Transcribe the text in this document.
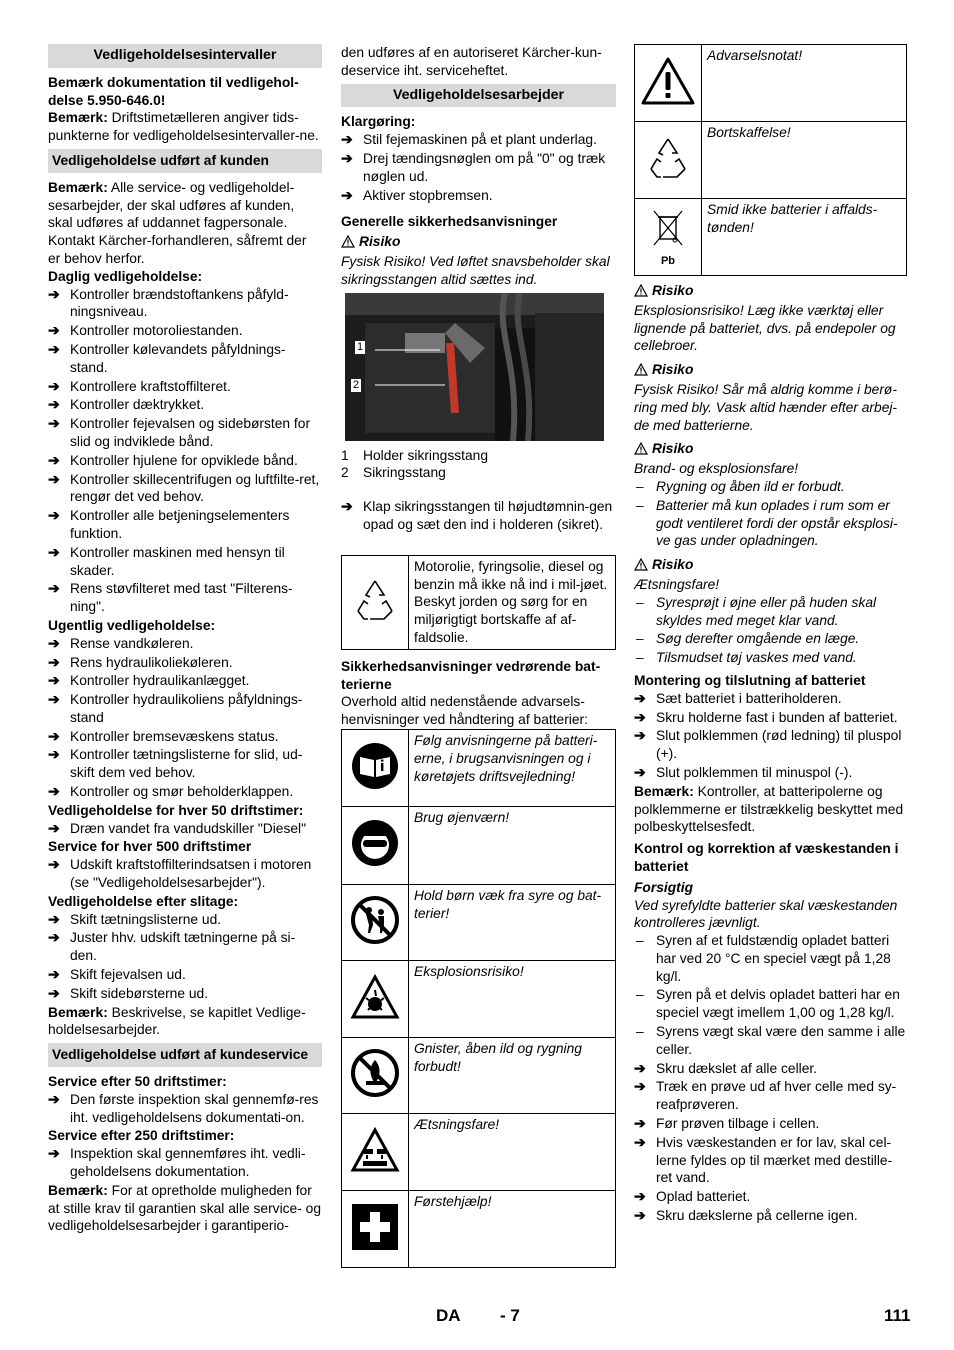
Vedligeholdelsesintervaller

Bemærk dokumentation til vedligehol-delse 5.950-646.0!

Bemærk: Driftstimetælleren angiver tids-punkterne for vedligeholdelsesintervaller-ne.

Vedligeholdelse udført af kunden

Bemærk: Alle service- og vedligeholdel-sesarbejder, der skal udføres af kunden, skal udføres af uddannet fagpersonale. Kontakt Kärcher-forhandleren, såfremt der er behov herfor.

Daglig vedligeholdelse:

➔ Kontroller brændstoftankens påfyld-ningsniveau.
➔ Kontroller motoroliestanden.
➔ Kontroller kølevandets påfyldnings-stand.
➔ Kontrollere kraftstoffilteret.
➔ Kontroller dæktrykket.
➔ Kontroller fejevalsen og sidebørsten for slid og indviklede bånd.
➔ Kontroller hjulene for opviklede bånd.
➔ Kontroller skillecentrifugen og luftfilte-ret, rengør det ved behov.
➔ Kontroller alle betjeningselementers funktion.
➔ Kontroller maskinen med hensyn til skader.
➔ Rens støvfilteret med tast "Filterens-ning".

Ugentlig vedligeholdelse:

➔ Rense vandkøleren.
➔ Rens hydraulikoliekøleren.
➔ Kontroller hydraulikanlægget.
➔ Kontroller hydraulikoliens påfyldnings-stand
➔ Kontroller bremsevæskens status.
➔ Kontroller tætningslisterne for slid, ud-skift dem ved behov.
➔ Kontroller og smør beholderklappen.

Vedligeholdelse for hver 50 driftstimer:

➔ Dræn vandet fra vandudskiller "Diesel"

Service for hver 500 driftstimer

➔ Udskift kraftstoffilterindsatsen i motoren (se "Vedligeholdelsesarbejder").

Vedligeholdelse efter slitage:

➔ Skift tætningslisterne ud.
➔ Juster hhv. udskift tætningerne på si-den.
➔ Skift fejevalsen ud.
➔ Skift sidebørsterne ud.

Bemærk: Beskrivelse, se kapitlet Vedlige-holdelsesarbejder.

Vedligeholdelse udført af kundeservice

Service efter 50 driftstimer:

➔ Den første inspektion skal gennemfø-res iht. vedligeholdelsens dokumentati-on.

Service efter 250 driftstimer:

➔ Inspektion skal gennemføres iht. vedli-geholdelsens dokumentation.

Bemærk: For at opretholde muligheden for at stille krav til garantien skal alle service- og vedligeholdelsesarbejder i garantiperio-

den udføres af en autoriseret Kärcher-kun-deservice iht. serviceheftet.

Vedligeholdelsesarbejder

Klargøring:

➔ Stil fejemaskinen på et plant underlag.
➔ Drej tændingsnøglen om på "0" og træk nøglen ud.
➔ Aktiver stopbremsen.

Generelle sikkerhedsanvisninger

Risiko

Fysisk Risiko! Ved løftet snavsbeholder skal sikringsstangen altid sættes ind.

1
2

1 Holder sikringsstang

2 Sikringsstang

➔ Klap sikringsstangen til højudtømnin-gen opad og sæt den ind i holderen (sikret).
	Motorolie, fyringsolie, diesel og benzin må ikke nå ind i mil-jøet. Beskyt jorden og sørg for en miljørigtigt bortskaffe af af-faldsolie.

Sikkerhedsanvisninger vedrørende bat-terierne

Overhold altid nedenstående advarsels-henvisninger ved håndtering af batterier:

	Følg anvisningerne på batteri-erne, i brugsanvisningen og i køretøjets driftsvejledning!
	Brug øjenværn!
	Hold børn væk fra syre og bat-terier!
	Eksplosionsrisiko!
	Gnister, åben ild og rygning forbudt!
	Ætsningsfare!
	Førstehjælp!
	Advarselsnotat!
	Bortskaffelse!

Pb	Smid ikke batterier i affalds-tønden!

Risiko

Eksplosionsrisiko! Læg ikke værktøj eller lignende på batteriet, dvs. på endepoler og cellebroer.

Risiko

Fysisk Risiko! Sår må aldrig komme i berø-ring med bly. Vask altid hænder efter arbej-de med batterierne.

Risiko

Brand- og eksplosionsfare!

– Rygning og åben ild er forbudt.
– Batterier må kun oplades i rum som er godt ventileret fordi der opstår eksplosi-ve gas under opladningen.

Risiko

Ætsningsfare!

– Syresprøjt i øjne eller på huden skal skyldes med meget klar vand.
– Søg derefter omgående en læge.
– Tilsmudset tøj vaskes med vand.

Montering og tilslutning af batteriet

➔ Sæt batteriet i batteriholderen.
➔ Skru holderne fast i bunden af batteriet.
➔ Slut polklemmen (rød ledning) til pluspol (+).
➔ Slut polklemmen til minuspol (-).

Bemærk: Kontroller, at batteripolerne og polklemmerne er tilstrækkelig beskyttet med polbeskyttelsesfedt.

Kontrol og korrektion af væskestanden i batteriet

Forsigtig

Ved syrefyldte batterier skal væskestanden kontrolleres jævnligt.

– Syren af et fuldstændig opladet batteri har ved 20 °C en speciel vægt på 1,28 kg/l.
– Syren på et delvis opladet batteri har en speciel vægt imellem 1,00 og 1,28 kg/l.
– Syrens vægt skal være den samme i alle celler.
➔ Skru dækslet af alle celler.
➔ Træk en prøve ud af hver celle med sy-reafprøveren.
➔ Før prøven tilbage i cellen.
➔ Hvis væskestanden er for lav, skal cel-lerne fyldes op til mærket med destille-ret vand.
➔ Oplad batteriet.
➔ Skru dækslerne på cellerne igen.
DA - 7	111
